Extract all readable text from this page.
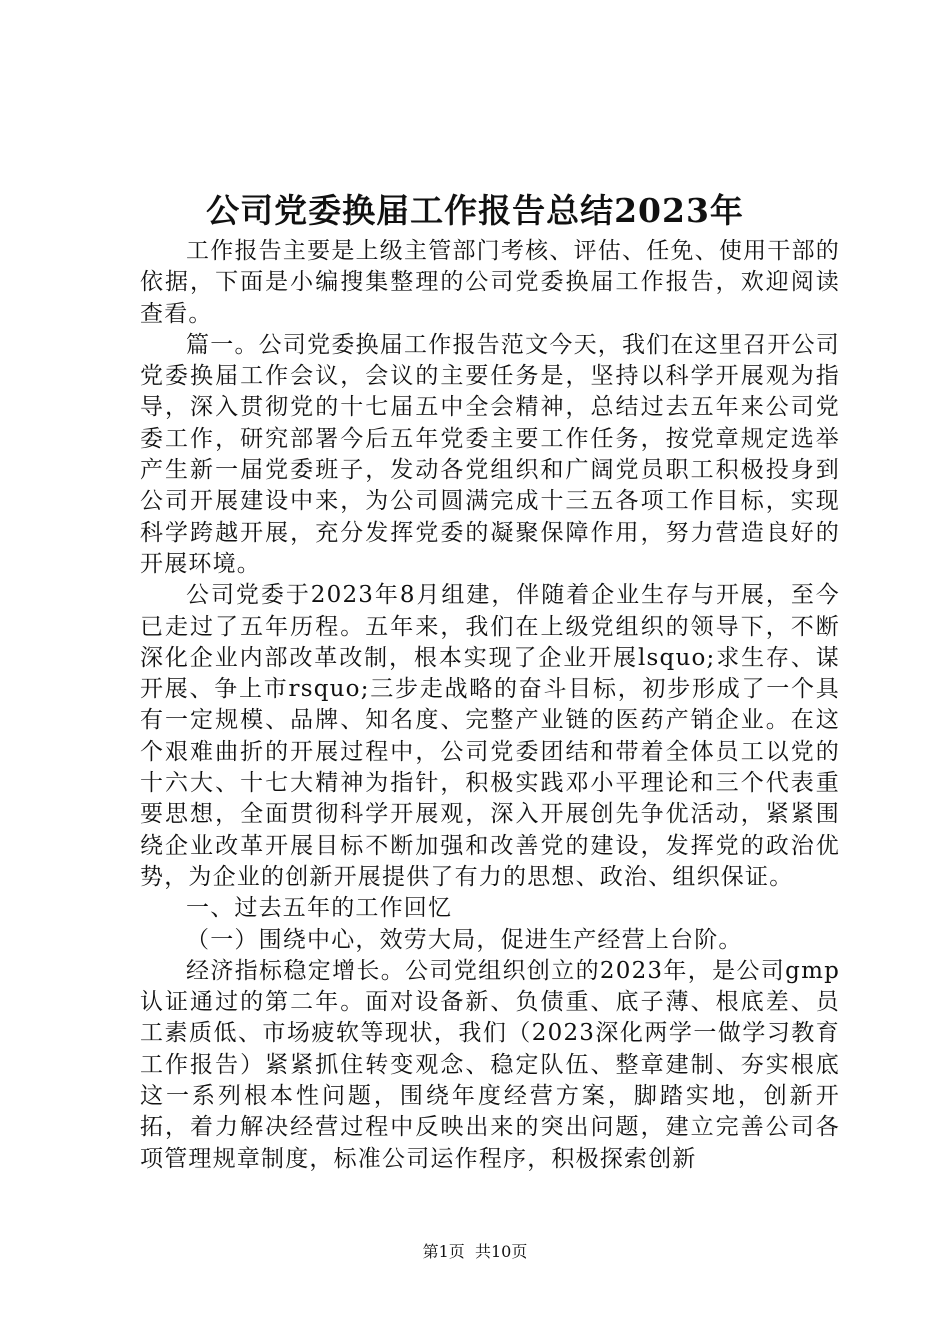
公司党委换届工作报告总结2023年

工作报告主要是上级主管部门考核、评估、任免、使用干部的依据，下面是小编搜集整理的公司党委换届工作报告，欢迎阅读查看。

篇一。公司党委换届工作报告范文今天，我们在这里召开公司党委换届工作会议，会议的主要任务是，坚持以科学开展观为指导，深入贯彻党的十七届五中全会精神，总结过去五年来公司党委工作，研究部署今后五年党委主要工作任务，按党章规定选举产生新一届党委班子，发动各党组织和广阔党员职工积极投身到公司开展建设中来，为公司圆满完成十三五各项工作目标，实现科学跨越开展，充分发挥党委的凝聚保障作用，努力营造良好的开展环境。

公司党委于2023年8月组建，伴随着企业生存与开展，至今已走过了五年历程。五年来，我们在上级党组织的领导下，不断深化企业内部改革改制，根本实现了企业开展lsquo;求生存、谋开展、争上市rsquo;三步走战略的奋斗目标，初步形成了一个具有一定规模、品牌、知名度、完整产业链的医药产销企业。在这个艰难曲折的开展过程中，公司党委团结和带着全体员工以党的十六大、十七大精神为指针，积极实践邓小平理论和三个代表重要思想，全面贯彻科学开展观，深入开展创先争优活动，紧紧围绕企业改革开展目标不断加强和改善党的建设，发挥党的政治优势，为企业的创新开展提供了有力的思想、政治、组织保证。

一、过去五年的工作回忆

（一）围绕中心，效劳大局，促进生产经营上台阶。

经济指标稳定增长。公司党组织创立的2023年，是公司gmp认证通过的第二年。面对设备新、负债重、底子薄、根底差、员工素质低、市场疲软等现状，我们（2023深化两学一做学习教育工作报告）紧紧抓住转变观念、稳定队伍、整章建制、夯实根底这一系列根本性问题，围绕年度经营方案，脚踏实地，创新开拓，着力解决经营过程中反映出来的突出问题，建立完善公司各项管理规章制度，标准公司运作程序，积极探索创新

第1页 共10页
